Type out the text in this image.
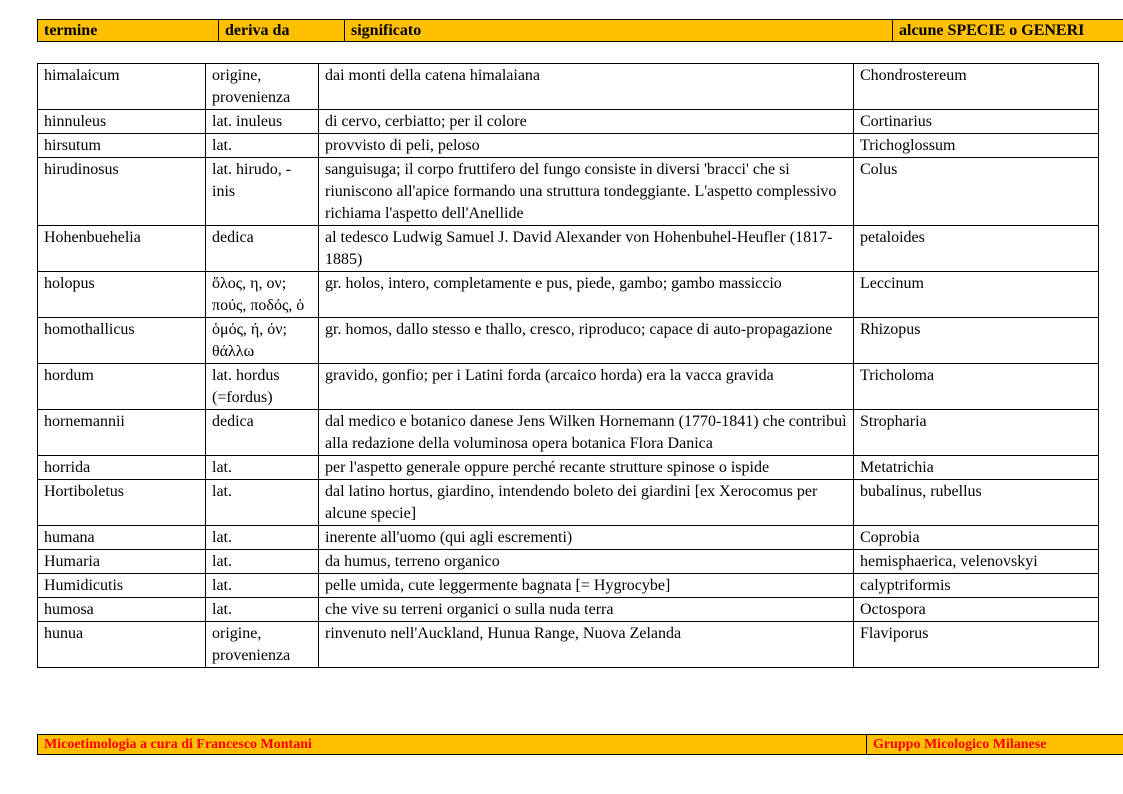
termine	deriva da	significato	alcune SPECIE o GENERI
himalaicum	origine, provenienza	dai monti della catena himalaiana	Chondrostereum
hinnuleus	lat. inuleus	di cervo, cerbiatto; per il colore	Cortinarius
hirsutum	lat.	provvisto di peli, peloso	Trichoglossum
hirudinosus	lat. hirudo, -inis	sanguisuga; il corpo fruttifero del fungo consiste in diversi 'bracci' che si riuniscono all'apice formando una struttura tondeggiante. L'aspetto complessivo richiama l'aspetto dell'Anellide	Colus
Hohenbuehelia	dedica	al tedesco Ludwig Samuel J. David Alexander von Hohenbuhel-Heufler (1817-1885)	petaloides
holopus	ὅλος, η, ον; πούς, ποδός, ὁ	gr. holos, intero, completamente e pus, piede, gambo; gambo massiccio	Leccinum
homothallicus	ὁμός, ή, όν; θάλλω	gr. homos, dallo stesso e thallo, cresco, riproduco; capace di auto-propagazione	Rhizopus
hordum	lat. hordus (=fordus)	gravido, gonfio; per i Latini forda (arcaico horda) era la vacca gravida	Tricholoma
hornemannii	dedica	dal medico e botanico danese Jens Wilken Hornemann (1770-1841) che contribuì alla redazione della voluminosa opera botanica Flora Danica	Stropharia
horrida	lat.	per l'aspetto generale oppure perché recante strutture spinose o ispide	Metatrichia
Hortiboletus	lat.	dal latino hortus, giardino, intendendo boleto dei giardini [ex Xerocomus per alcune specie]	bubalinus, rubellus
humana	lat.	inerente all'uomo (qui agli escrementi)	Coprobia
Humaria	lat.	da humus, terreno organico	hemisphaerica, velenovskyi
Humidicutis	lat.	pelle umida, cute leggermente bagnata [= Hygrocybe]	calyptriformis
humosa	lat.	che vive su terreni organici o sulla nuda terra	Octospora
hunua	origine, provenienza	rinvenuto nell'Auckland, Hunua Range, Nuova Zelanda	Flaviporus
Micoetimologia a cura di Francesco Montani	Gruppo Micologico Milanese
